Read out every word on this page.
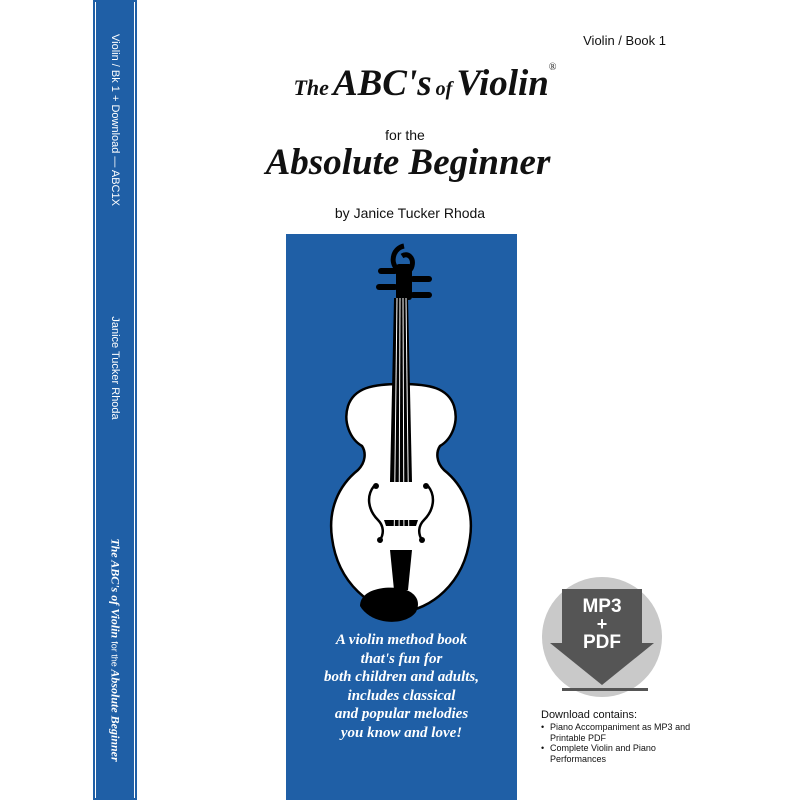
Violin / Bk 1 + Download — ABC1X
Janice Tucker Rhoda
The ABC's of Violin for the Absolute Beginner
Violin / Book 1
The ABC's of Violin®
for the
Absolute Beginner
by Janice Tucker Rhoda
A violin method book
that's fun for
both children and adults,
includes classical
and popular melodies
you know and love!
MP3
+
PDF
Download contains:
• Piano Accompaniment as MP3 and Printable PDF
• Complete Violin and Piano Performances
